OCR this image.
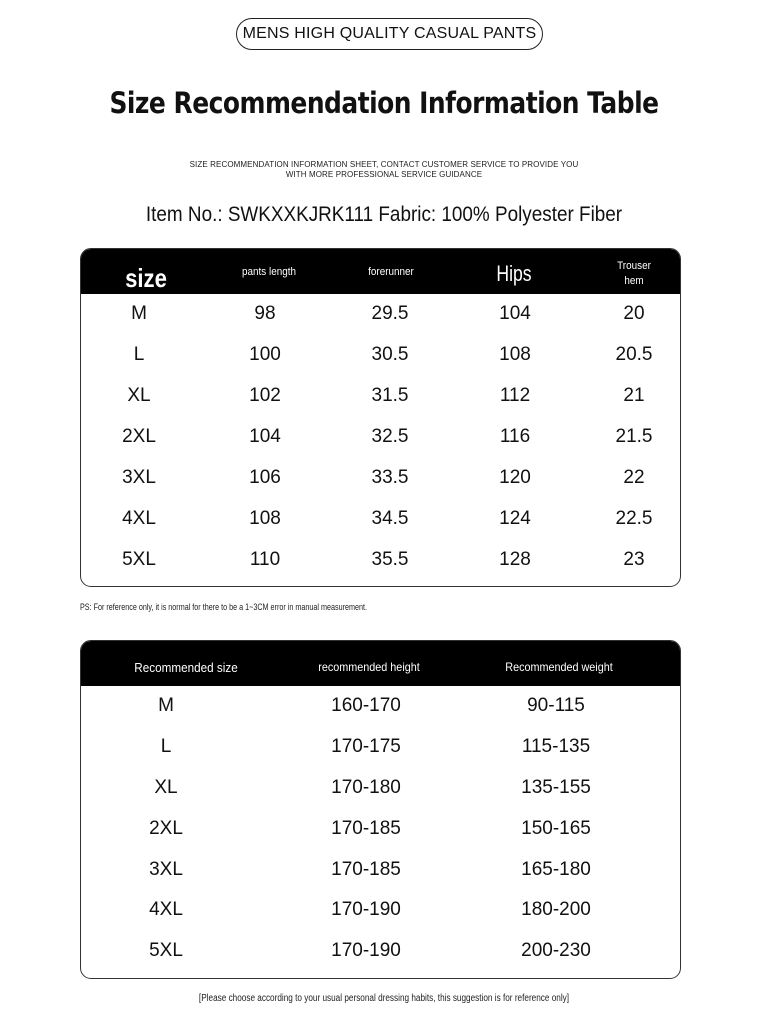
MENS HIGH QUALITY CASUAL PANTS
Size Recommendation Information Table
SIZE RECOMMENDATION INFORMATION SHEET, CONTACT CUSTOMER SERVICE TO PROVIDE YOU
WITH MORE PROFESSIONAL SERVICE GUIDANCE
Item No.: SWKXXKJRK111 Fabric: 100% Polyester Fiber
size	pants length	forerunner	Hips	Trouser
hem
M	98	29.5	104	20
L	100	30.5	108	20.5
XL	102	31.5	112	21
2XL	104	32.5	116	21.5
3XL	106	33.5	120	22
4XL	108	34.5	124	22.5
5XL	110	35.5	128	23
PS: For reference only, it is normal for there to be a 1~3CM error in manual measurement.
Recommended size	recommended height	Recommended weight
M	160-170	90-115
L	170-175	115-135
XL	170-180	135-155
2XL	170-185	150-165
3XL	170-185	165-180
4XL	170-190	180-200
5XL	170-190	200-230
[Please choose according to your usual personal dressing habits, this suggestion is for reference only]
